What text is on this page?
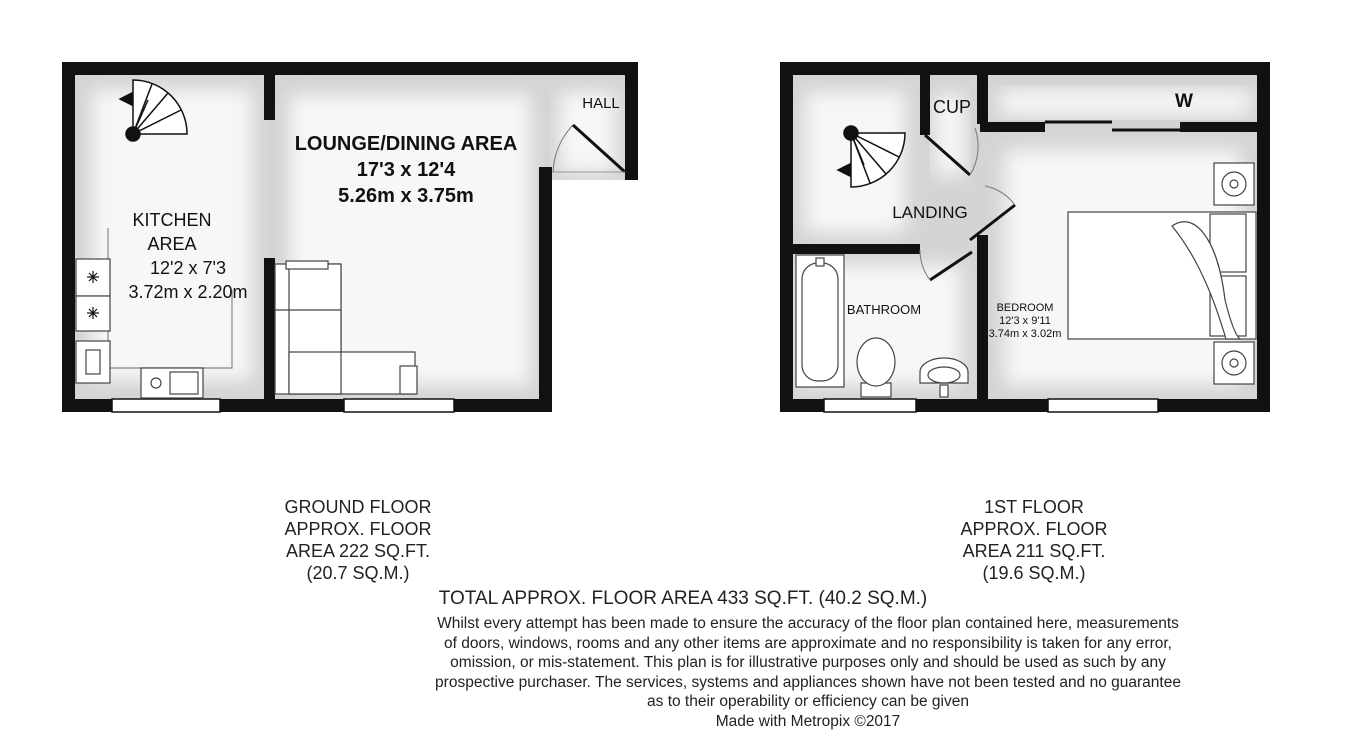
HALL
LOUNGE/DINING AREA
17'3 x 12'4
5.26m x 3.75m
KITCHEN
AREA
12'2 x 7'3
3.72m x 2.20m
CUP	W
LANDING
BATHROOM	BEDROOM
12'3 x 9'11
3.74m x 3.02m
GROUND FLOOR
APPROX. FLOOR
AREA 222 SQ.FT.
(20.7 SQ.M.)
1ST FLOOR
APPROX. FLOOR
AREA 211 SQ.FT.
(19.6 SQ.M.)
TOTAL APPROX. FLOOR AREA 433 SQ.FT. (40.2 SQ.M.)
Whilst every attempt has been made to ensure the accuracy of the floor plan contained here, measurements
of doors, windows, rooms and any other items are approximate and no responsibility is taken for any error,
omission, or mis-statement. This plan is for illustrative purposes only and should be used as such by any
prospective purchaser. The services, systems and appliances shown have not been tested and no guarantee
as to their operability or efficiency can be given
Made with Metropix ©2017
